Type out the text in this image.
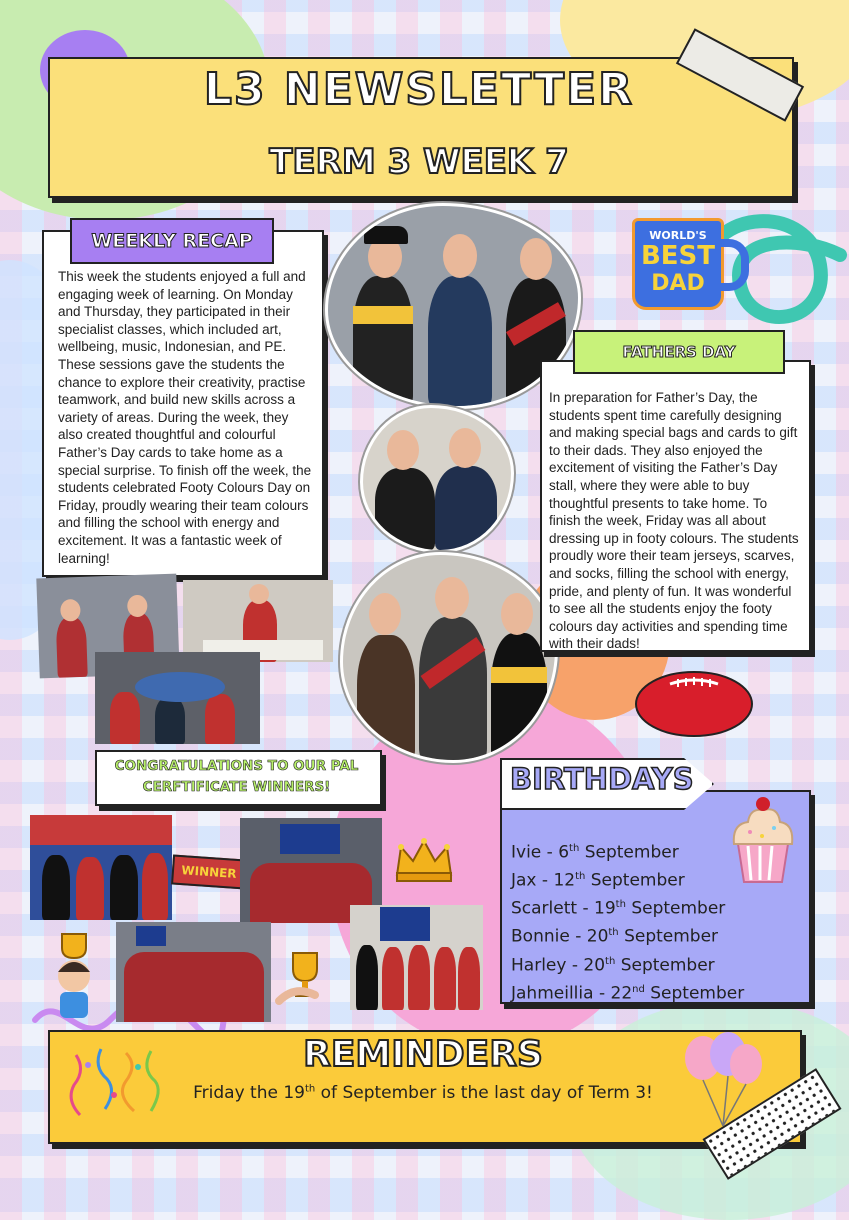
L3 NEWSLETTER
TERM 3 WEEK 7
WEEKLY RECAP
This week the students enjoyed a full and engaging week of learning. On Monday and Thursday, they participated in their specialist classes, which included art, wellbeing, music, Indonesian, and PE. These sessions gave the students the chance to explore their creativity, practise teamwork, and build new skills across a variety of areas. During the week, they also created thoughtful and colourful Father’s Day cards to take home as a special surprise. To finish off the week, the students celebrated Footy Colours Day on Friday, proudly wearing their team colours and filling the school with energy and excitement. It was a fantastic week of learning!
WORLD'S
BEST
DAD
FATHERS DAY
In preparation for Father’s Day, the students spent time carefully designing and making special bags and cards to gift to their dads. They also enjoyed the excitement of visiting the Father’s Day stall, where they were able to buy thoughtful presents to take home. To finish the week, Friday was all about dressing up in footy colours. The students proudly wore their team jerseys, scarves, and socks, filling the school with energy, pride, and plenty of fun. It was wonderful to see all the students enjoy the footy colours day activities and spending time with their dads!
CONGRATULATIONS TO OUR PAL
CERFTIFICATE WINNERS!
WINNER
BIRTHDAYS
Ivie - 6th September
Jax - 12th September
Scarlett - 19th September
Bonnie - 20th September
Harley - 20th September
Jahmeillia - 22nd September
REMINDERS
Friday the 19th of September is the last day of Term 3!
